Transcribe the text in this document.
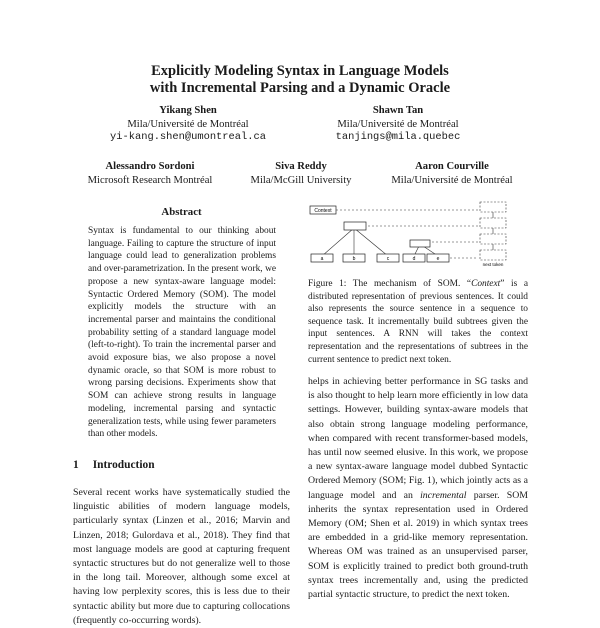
Explicitly Modeling Syntax in Language Models
with Incremental Parsing and a Dynamic Oracle
Yikang Shen
Mila/Université de Montréal
yi-kang.shen@umontreal.ca
Shawn Tan
Mila/Université de Montréal
tanjings@mila.quebec
Alessandro Sordoni
Microsoft Research Montréal
Siva Reddy
Mila/McGill University
Aaron Courville
Mila/Université de Montréal
Abstract

Syntax is fundamental to our thinking about language. Failing to capture the structure of input language could lead to generalization problems and over-parametrization. In the present work, we propose a new syntax-aware language model: Syntactic Ordered Memory (SOM). The model explicitly models the structure with an incremental parser and maintains the conditional probability setting of a standard language model (left-to-right). To train the incremental parser and avoid exposure bias, we also propose a novel dynamic oracle, so that SOM is more robust to wrong parsing decisions. Experiments show that SOM can achieve strong results in language modeling, incremental parsing and syntactic generalization tests, while using fewer parameters than other models.

1 Introduction

Several recent works have systematically studied the linguistic abilities of modern language models, particularly syntax (Linzen et al., 2016; Marvin and Linzen, 2018; Gulordava et al., 2018). They find that most language models are good at capturing frequent syntactic structures but do not generalize well to those in the long tail. Moreover, although some excel at having low perplexity scores, this is less due to their syntactic ability but more due to capturing collocations (frequently co-occurring words).

Context
a	b	c	d	e
next token

Figure 1: The mechanism of SOM. “Context” is a distributed representation of previous sentences. It could also represents the source sentence in a sequence to sequence task. It incrementally build subtrees given the input sentences. A RNN will takes the context representation and the representations of subtrees in the current sentence to predict next token.

helps in achieving better performance in SG tasks and is also thought to help learn more efficiently in low data settings. However, building syntax-aware models that also obtain strong language modeling performance, when compared with recent transformer-based models, has until now seemed elusive. In this work, we propose a new syntax-aware language model dubbed Syntactic Ordered Memory (SOM; Fig. 1), which jointly acts as a language model and an incremental parser. SOM inherits the syntax representation used in Ordered Memory (OM; Shen et al. 2019) in which syntax trees are embedded in a grid-like memory representation. Whereas OM was trained as an unsupervised parser, SOM is explicitly trained to predict both ground-truth syntax trees incrementally and, using the predicted partial syntactic structure, to predict the next token.
